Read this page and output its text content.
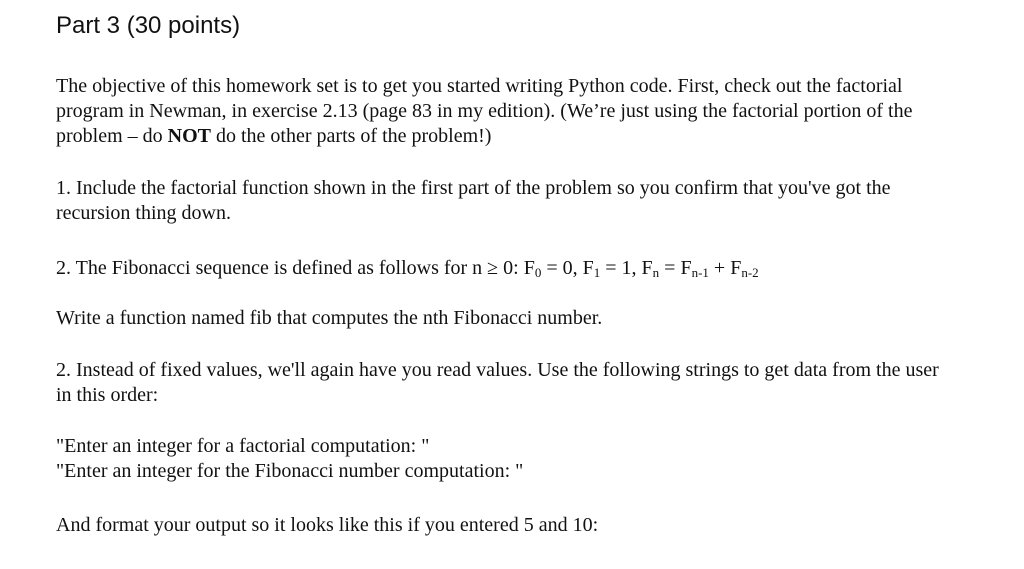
Part 3 (30 points)

The objective of this homework set is to get you started writing Python code. First, check out the factorial program in Newman, in exercise 2.13 (page 83 in my edition). (We’re just using the factorial portion of the problem – do NOT do the other parts of the problem!)

1. Include the factorial function shown in the first part of the problem so you confirm that you've got the recursion thing down.

2. The Fibonacci sequence is defined as follows for n ≥ 0: $F_0 = 0$, $F_1 = 1$, $F_n = F_{n-1} + F_{n-2}$

Write a function named fib that computes the nth Fibonacci number.

2. Instead of fixed values, we'll again have you read values. Use the following strings to get data from the user in this order:

"Enter an integer for a factorial computation: "
"Enter an integer for the Fibonacci number computation: "

And format your output so it looks like this if you entered 5 and 10:
